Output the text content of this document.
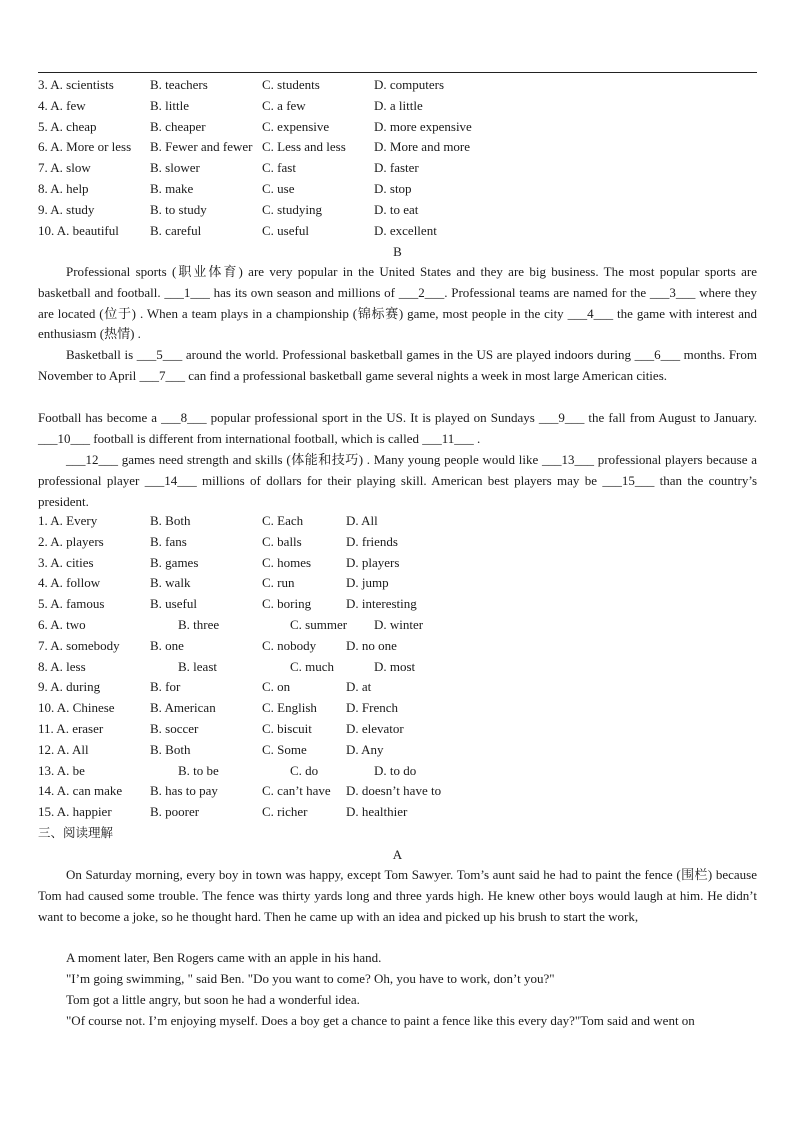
3. A. scientists	B. teachers	C. students	D. computers
4. A. few	B. little	C. a few	D. a little
5. A. cheap	B. cheaper	C. expensive	D. more expensive
6. A. More or less B. Fewer and fewer C. Less and less D. More and more
7. A. slow	B. slower	C. fast	D. faster
8. A. help	B. make	C. use	D. stop
9. A. study	B. to study	C. studying	D. to eat
10. A. beautiful B. careful	C. useful	D. excellent
B
Professional sports (职业体育) are very popular in the United States and they are big business. The most popular sports are basketball and football. ___1___ has its own season and millions of ___2___. Professional teams are named for the ___3___ where they are located (位于) . When a team plays in a championship (锦标赛) game, most people in the city ___4___ the game with interest and enthusiasm (热情) .
Basketball is ___5___ around the world. Professional basketball games in the US are played indoors during ___6___ months. From November to April ___7___ can find a professional basketball game several nights a week in most large American cities.
Football has become a ___8___ popular professional sport in the US. It is played on Sundays ___9___ the fall from August to January. ___10___ football is different from international football, which is called ___11___ .
___12___ games need strength and skills (体能和技巧) . Many young people would like ___13___ professional players because a professional player ___14___ millions of dollars for their playing skill. American best players may be ___15___ than the country’s president.
1. A. Every	B. Both	C. Each	D. All
2. A. players	B. fans	C. balls	D. friends
3. A. cities	B. games	C. homes	D. players
4. A. follow	B. walk	C. run	D. jump
5. A. famous	B. useful	C. boring	D. interesting
6. A. two	B. three	C. summer D. winter
7. A. somebody B. one	C. nobody D. no one
8. A. less	B. least	C. much	D. most
9. A. during	B. for	C. on	D. at
10. A. Chinese	B. American	C. English D. French
11. A. eraser	B. soccer	C. biscuit	D. elevator
12. A. All	B. Both	C. Some	D. Any
13. A. be	B. to be	C. do	D. to do
14. A. can make B. has to pay	C. can’t have D. doesn’t have to
15. A. happier	B. poorer	C. richer	D. healthier
三、阅读理解
A
On Saturday morning, every boy in town was happy, except Tom Sawyer. Tom’s aunt said he had to paint the fence (围栏) because Tom had caused some trouble. The fence was thirty yards long and three yards high. He knew other boys would laugh at him. He didn’t want to become a joke, so he thought hard. Then he came up with an idea and picked up his brush to start the work,
A moment later, Ben Rogers came with an apple in his hand.
"I’m going swimming, " said Ben. "Do you want to come? Oh, you have to work, don’t you?"
Tom got a little angry, but soon he had a wonderful idea.
"Of course not. I’m enjoying myself. Does a boy get a chance to paint a fence like this every day?"Tom said and went on
